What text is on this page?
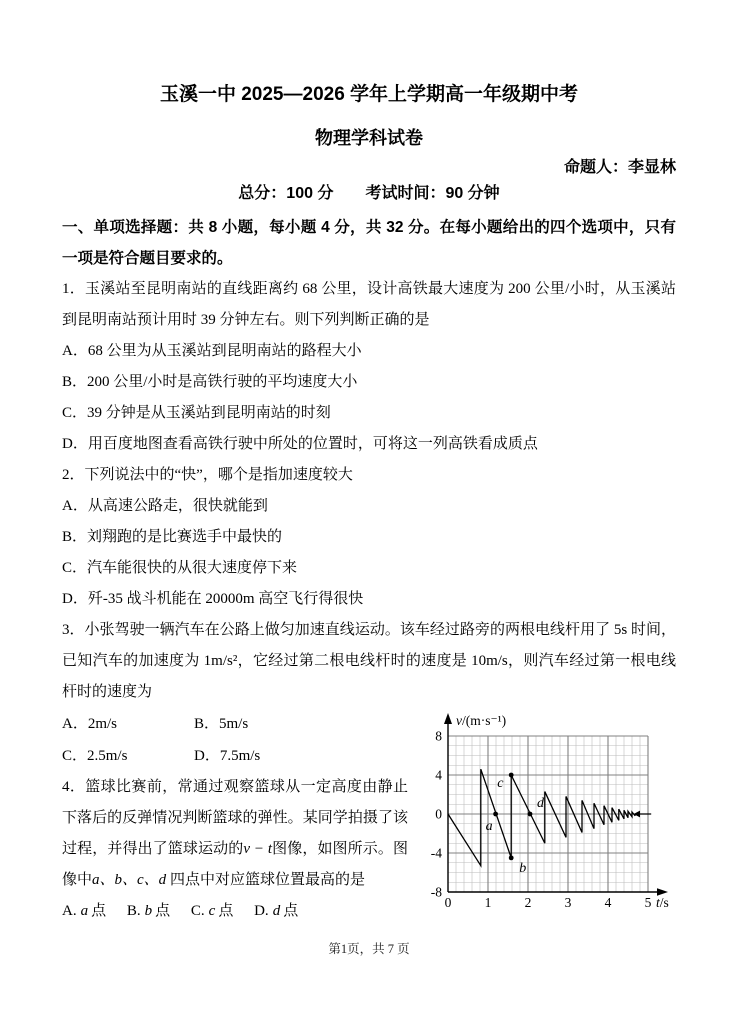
玉溪一中 2025—2026 学年上学期高一年级期中考
物理学科试卷
命题人：李显林
总分：100 分　　考试时间：90 分钟
一、单项选择题：共 8 小题，每小题 4 分，共 32 分。在每小题给出的四个选项中，只有一项是符合题目要求的。

1．玉溪站至昆明南站的直线距离约 68 公里，设计高铁最大速度为 200 公里/小时，从玉溪站到昆明南站预计用时 39 分钟左右。则下列判断正确的是

A．68 公里为从玉溪站到昆明南站的路程大小
B．200 公里/小时是高铁行驶的平均速度大小
C．39 分钟是从玉溪站到昆明南站的时刻
D．用百度地图查看高铁行驶中所处的位置时，可将这一列高铁看成质点

2．下列说法中的“快”，哪个是指加速度较大

A．从高速公路走，很快就能到
B．刘翔跑的是比赛选手中最快的
C．汽车能很快的从很大速度停下来
D．歼-35 战斗机能在 20000m 高空飞行得很快

3．小张驾驶一辆汽车在公路上做匀加速直线运动。该车经过路旁的两根电线杆用了 5s 时间，已知汽车的加速度为 1m/s²，它经过第二根电线杆时的速度是 10m/s，则汽车经过第一根电线杆时的速度为

A．2m/s	B．5m/s
C．2.5m/s	D．7.5m/s

4．篮球比赛前，常通过观察篮球从一定高度由静止下落后的反弹情况判断篮球的弹性。某同学拍摄了该过程，并得出了篮球运动的v − t图像，如图所示。图像中a、b、c、d 四点中对应篮球位置最高的是

A. a 点 B. b 点 C. c 点 D. d 点
8
4
0
-4
-8
0 1 2 3 4 5
v/(m·s⁻¹)
t/s
a
b
c
d
第1页，共 7 页
